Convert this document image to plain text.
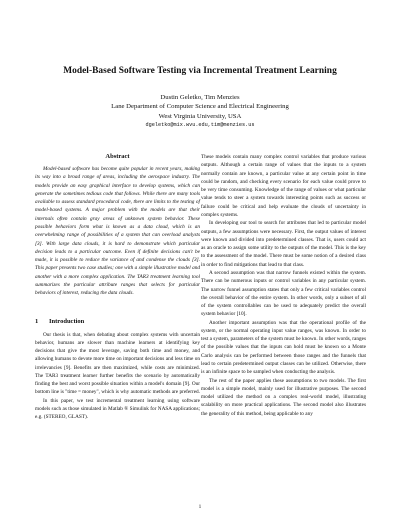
Model-Based Software Testing via Incremental Treatment Learning
Dustin Geletko, Tim Menzies
Lane Department of Computer Science and Electrical Engineering
West Virginia University, USA
dgeletko@mix.wvu.edu,tim@menzies.us
Abstract

Model-based software has become quite popular in recent years, making its way into a broad range of areas, including the aerospace industry. The models provide an easy graphical interface to develop systems, which can generate the sometimes tedious code that follows. While there are many tools available to assess standard procedural code, there are limits to the testing of model-based systems. A major problem with the models are that their internals often contain gray areas of unknown system behavior. These possible behaviors form what is known as a data cloud, which is an overwhelming range of possibilities of a system that can overload analysts [3]. With large data clouds, it is hard to demonstrate which particular decision leads to a particular outcome. Even if definite decisions can't be made, it is possible to reduce the variance of and condense the clouds [3]. This paper presents two case studies; one with a simple illustrative model and another with a more complex application. The TAR3 treatment learning tool summarizes the particular attribute ranges that selects for particular behaviors of interest, reducing the data clouds.

1 Introduction

Our thesis is that, when debating about complex systems with uncertain behavior, humans are slower than machine learners at identifying key decisions that give the most leverage, saving both time and money, and allowing humans to devote more time on important decisions and less time on irrelevancies [9]. Benefits are then maximized, while costs are minimized. The TAR3 treatment learner further benefits the scenario by automatically finding the best and worst possible situation within a model's domain [9]. Our bottom line is "time = money", which is why automatic methods are preferred.

In this paper, we test incremental treatment learning using software models such as those simulated in Matlab ® Simulink for NASA applications; e.g. (STEREO, GLAST).

These models contain many complex control variables that produce various outputs. Although a certain range of values that the inputs to a system normally contain are known, a particular value at any certain point in time could be random, and checking every scenario for each value could prove to be very time consuming. Knowledge of the range of values or what particular value tends to steer a system towards interesting points such as success or failure could be critical and help evaluate the clouds of uncertainty in complex systems.

In developing our tool to search for attributes that led to particular model outputs, a few assumptions were necessary. First, the output values of interest were known and divided into predetermined classes. That is, users could act as an oracle to assign some utility to the outputs of the model. This is the key to the assessment of the model. There must be some notion of a desired class in order to find mitigations that lead to that class.

A second assumption was that narrow funnels existed within the system. There can be numerous inputs or control variables in any particular system. The narrow funnel assumption states that only a few critical variables control the overall behavior of the entire system. In other words, only a subset of all of the system controllables can be used to adequately predict the overall system behavior [10].

Another important assumption was that the operational profile of the system, or the normal operating input value ranges, was known. In order to test a system, parameters of the system must be known. In other words, ranges of the possible values that the inputs can hold must be known so a Monte Carlo analysis can be performed between those ranges and the funnels that lead to certain predetermined output classes can be utilized. Otherwise, there is an infinite space to be sampled when conducting the analysis.

The rest of the paper applies these assumptions to two models. The first model is a simple model, mainly used for illustrative purposes. The second model utilized the method on a complex real-world model, illustrating scalability on more practical applications. The second model also illustrates the generality of this method, being applicable to any

1
